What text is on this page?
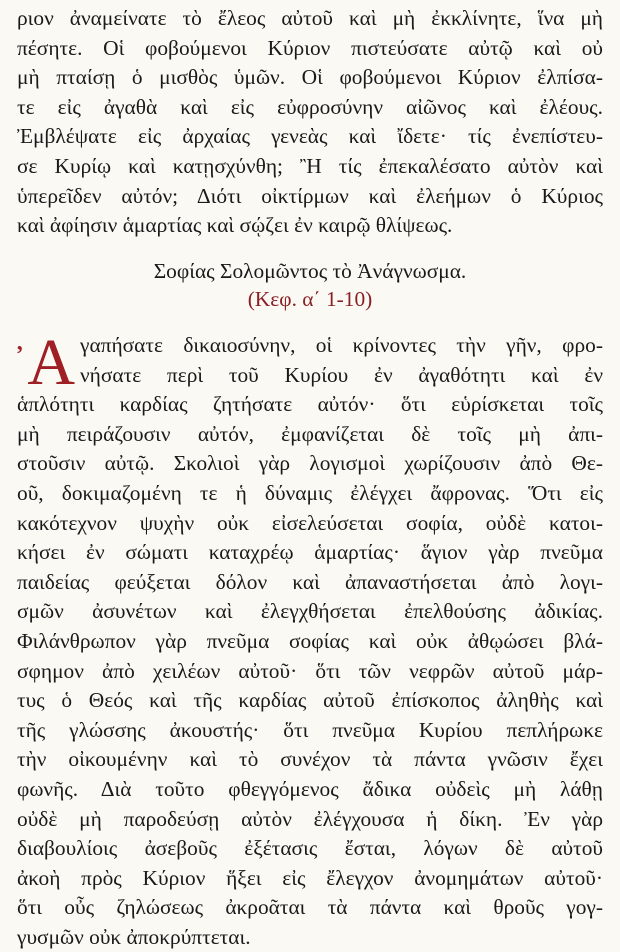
ριον ἀναμείνατε τὸ ἔλεος αὐτοῦ καὶ μὴ ἐκκλίνητε, ἵνα μὴ
πέσητε. Οἱ φοβούμενοι Κύριον πιστεύσατε αὐτῷ καὶ οὐ
μὴ πταίσῃ ὁ μισθὸς ὑμῶν. Οἱ φοβούμενοι Κύριον ἐλπίσα-
τε εἰς ἀγαθὰ καὶ εἰς εὐφροσύνην αἰῶνος καὶ ἐλέους.
Ἐμβλέψατε εἰς ἀρχαίας γενεὰς καὶ ἴδετε· τίς ἐνεπίστευ-
σε Κυρίῳ καὶ κατῃσχύνθη; Ἢ τίς ἐπεκαλέσατο αὐτὸν καὶ
ὑπερεῖδεν αὐτόν; Διότι οἰκτίρμων καὶ ἐλεήμων ὁ Κύριος
καὶ ἀφίησιν ἁμαρτίας καὶ σῴζει ἐν καιρῷ θλίψεως.
Σοφίας Σολομῶντος τὸ Ἀνάγνωσμα.
(Κεφ. α΄ 1-10)
᾿Α γαπήσατε δικαιοσύνην, οἱ κρίνοντες τὴν γῆν, φρο-
νήσατε περὶ τοῦ Κυρίου ἐν ἀγαθότητι καὶ ἐν
ἁπλότητι καρδίας ζητήσατε αὐτόν· ὅτι εὑρίσκεται τοῖς
μὴ πειράζουσιν αὐτόν, ἐμφανίζεται δὲ τοῖς μὴ ἀπι-
στοῦσιν αὐτῷ. Σκολιοὶ γὰρ λογισμοὶ χωρίζουσιν ἀπὸ Θε-
οῦ, δοκιμαζομένη τε ἡ δύναμις ἐλέγχει ἄφρονας. Ὅτι εἰς
κακότεχνον ψυχὴν οὐκ εἰσελεύσεται σοφία, οὐδὲ κατοι-
κήσει ἐν σώματι καταχρέῳ ἁμαρτίας· ἅγιον γὰρ πνεῦμα
παιδείας φεύξεται δόλον καὶ ἀπαναστήσεται ἀπὸ λογι-
σμῶν ἀσυνέτων καὶ ἐλεγχθήσεται ἐπελθούσης ἀδικίας.
Φιλάνθρωπον γὰρ πνεῦμα σοφίας καὶ οὐκ ἀθῳώσει βλά-
σφημον ἀπὸ χειλέων αὐτοῦ· ὅτι τῶν νεφρῶν αὐτοῦ μάρ-
τυς ὁ Θεός καὶ τῆς καρδίας αὐτοῦ ἐπίσκοπος ἀληθὴς καὶ
τῆς γλώσσης ἀκουστής· ὅτι πνεῦμα Κυρίου πεπλήρωκε
τὴν οἰκουμένην καὶ τὸ συνέχον τὰ πάντα γνῶσιν ἔχει
φωνῆς. Διὰ τοῦτο φθεγγόμενος ἄδικα οὐδεὶς μὴ λάθῃ
οὐδὲ μὴ παροδεύσῃ αὐτὸν ἐλέγχουσα ἡ δίκη. Ἐν γὰρ
διαβουλίοις ἀσεβοῦς ἐξέτασις ἔσται, λόγων δὲ αὐτοῦ
ἀκοὴ πρὸς Κύριον ἥξει εἰς ἔλεγχον ἀνομημάτων αὐτοῦ·
ὅτι οὖς ζηλώσεως ἀκροᾶται τὰ πάντα καὶ θροῦς γογ-
γυσμῶν οὐκ ἀποκρύπτεται.
